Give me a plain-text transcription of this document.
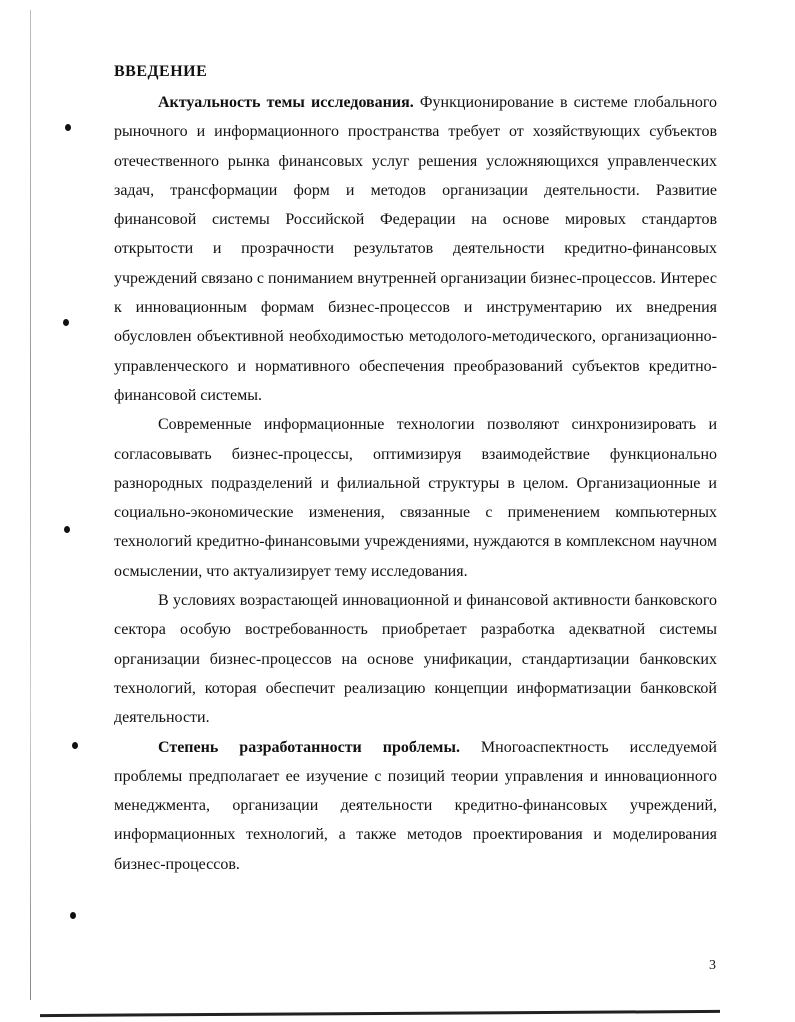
ВВЕДЕНИЕ

Актуальность темы исследования. Функционирование в системе глобального рыночного и информационного пространства требует от хозяйствующих субъектов отечественного рынка финансовых услуг решения усложняющихся управленческих задач, трансформации форм и методов организации деятельности. Развитие финансовой системы Российской Федерации на основе мировых стандартов открытости и прозрачности результатов деятельности кредитно-финансовых учреждений связано с пониманием внутренней организации бизнес-процессов. Интерес к инновационным формам бизнес-процессов и инструментарию их внедрения обусловлен объективной необходимостью методолого-методического, организационно-управленческого и нормативного обеспечения преобразований субъектов кредитно-финансовой системы.

Современные информационные технологии позволяют синхронизировать и согласовывать бизнес-процессы, оптимизируя взаимодействие функционально разнородных подразделений и филиальной структуры в целом. Организационные и социально-экономические изменения, связанные с применением компьютерных технологий кредитно-финансовыми учреждениями, нуждаются в комплексном научном осмыслении, что актуализирует тему исследования.

В условиях возрастающей инновационной и финансовой активности банковского сектора особую востребованность приобретает разработка адекватной системы организации бизнес-процессов на основе унификации, стандартизации банковских технологий, которая обеспечит реализацию концепции информатизации банковской деятельности.

Степень разработанности проблемы. Многоаспектность исследуемой проблемы предполагает ее изучение с позиций теории управления и инновационного менеджмента, организации деятельности кредитно-финансовых учреждений, информационных технологий, а также методов проектирования и моделирования бизнес-процессов.

3
